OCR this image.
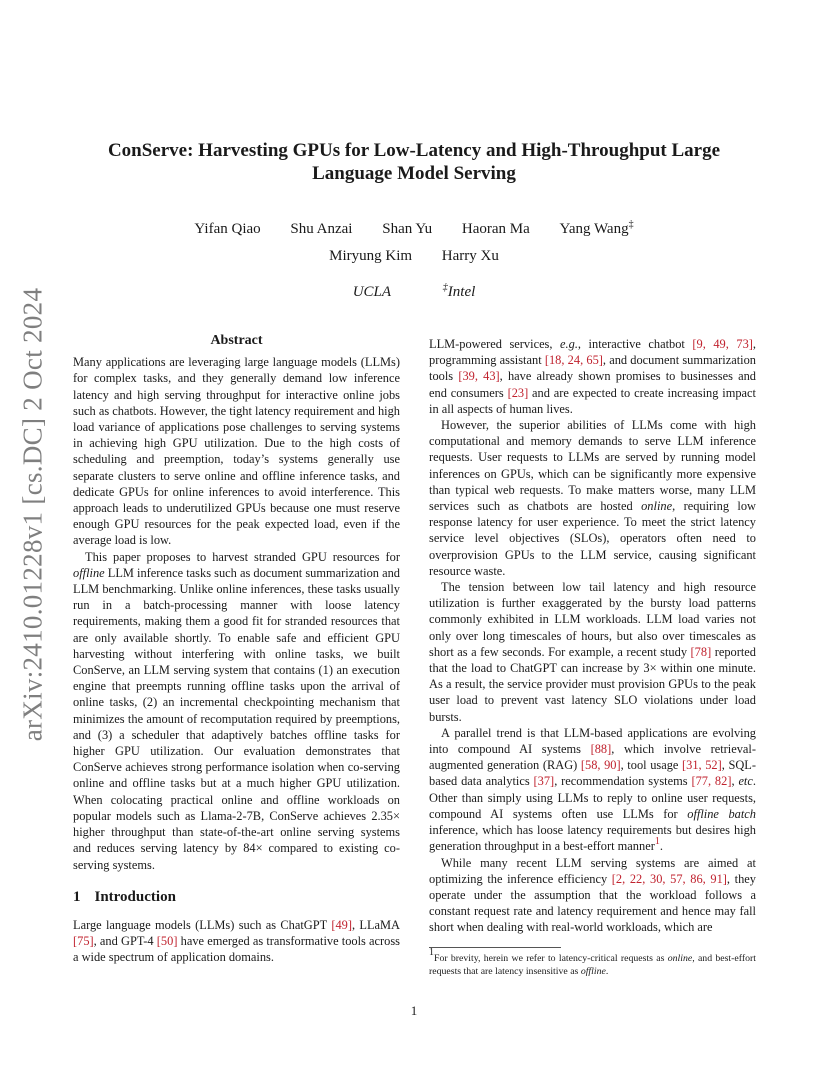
arXiv:2410.01228v1 [cs.DC] 2 Oct 2024
ConServe: Harvesting GPUs for Low-Latency and High-Throughput Large
Language Model Serving
Yifan Qiao Shu Anzai Shan Yu Haoran Ma Yang Wang‡
Miryung Kim Harry Xu
UCLA	‡Intel
Abstract

Many applications are leveraging large language models (LLMs) for complex tasks, and they generally demand low inference latency and high serving throughput for interactive online jobs such as chatbots. However, the tight latency requirement and high load variance of applications pose challenges to serving systems in achieving high GPU utilization. Due to the high costs of scheduling and preemption, today’s systems generally use separate clusters to serve online and offline inference tasks, and dedicate GPUs for online inferences to avoid interference. This approach leads to underutilized GPUs because one must reserve enough GPU resources for the peak expected load, even if the average load is low.

This paper proposes to harvest stranded GPU resources for offline LLM inference tasks such as document summarization and LLM benchmarking. Unlike online inferences, these tasks usually run in a batch-processing manner with loose latency requirements, making them a good fit for stranded resources that are only available shortly. To enable safe and efficient GPU harvesting without interfering with online tasks, we built ConServe, an LLM serving system that contains (1) an execution engine that preempts running offline tasks upon the arrival of online tasks, (2) an incremental checkpointing mechanism that minimizes the amount of recomputation required by preemptions, and (3) a scheduler that adaptively batches offline tasks for higher GPU utilization. Our evaluation demonstrates that ConServe achieves strong performance isolation when co-serving online and offline tasks but at a much higher GPU utilization. When colocating practical online and offline workloads on popular models such as Llama-2-7B, ConServe achieves 2.35× higher throughput than state-of-the-art online serving systems and reduces serving latency by 84× compared to existing co-serving systems.

1 Introduction

Large language models (LLMs) such as ChatGPT [49], LLaMA [75], and GPT-4 [50] have emerged as transformative tools across a wide spectrum of application domains.

LLM-powered services, e.g., interactive chatbot [9, 49, 73], programming assistant [18, 24, 65], and document summarization tools [39, 43], have already shown promises to businesses and end consumers [23] and are expected to create increasing impact in all aspects of human lives.

However, the superior abilities of LLMs come with high computational and memory demands to serve LLM inference requests. User requests to LLMs are served by running model inferences on GPUs, which can be significantly more expensive than typical web requests. To make matters worse, many LLM services such as chatbots are hosted online, requiring low response latency for user experience. To meet the strict latency service level objectives (SLOs), operators often need to overprovision GPUs to the LLM service, causing significant resource waste.

The tension between low tail latency and high resource utilization is further exaggerated by the bursty load patterns commonly exhibited in LLM workloads. LLM load varies not only over long timescales of hours, but also over timescales as short as a few seconds. For example, a recent study [78] reported that the load to ChatGPT can increase by 3× within one minute. As a result, the service provider must provision GPUs to the peak user load to prevent vast latency SLO violations under load bursts.

A parallel trend is that LLM-based applications are evolving into compound AI systems [88], which involve retrieval-augmented generation (RAG) [58, 90], tool usage [31, 52], SQL-based data analytics [37], recommendation systems [77, 82], etc. Other than simply using LLMs to reply to online user requests, compound AI systems often use LLMs for offline batch inference, which has loose latency requirements but desires high generation throughput in a best-effort manner$^1$.

While many recent LLM serving systems are aimed at optimizing the inference efficiency [2, 22, 30, 57, 86, 91], they operate under the assumption that the workload follows a constant request rate and latency requirement and hence may fall short when dealing with real-world workloads, which are

$^1$For brevity, herein we refer to latency-critical requests as online, and best-effort requests that are latency insensitive as offline.
1
